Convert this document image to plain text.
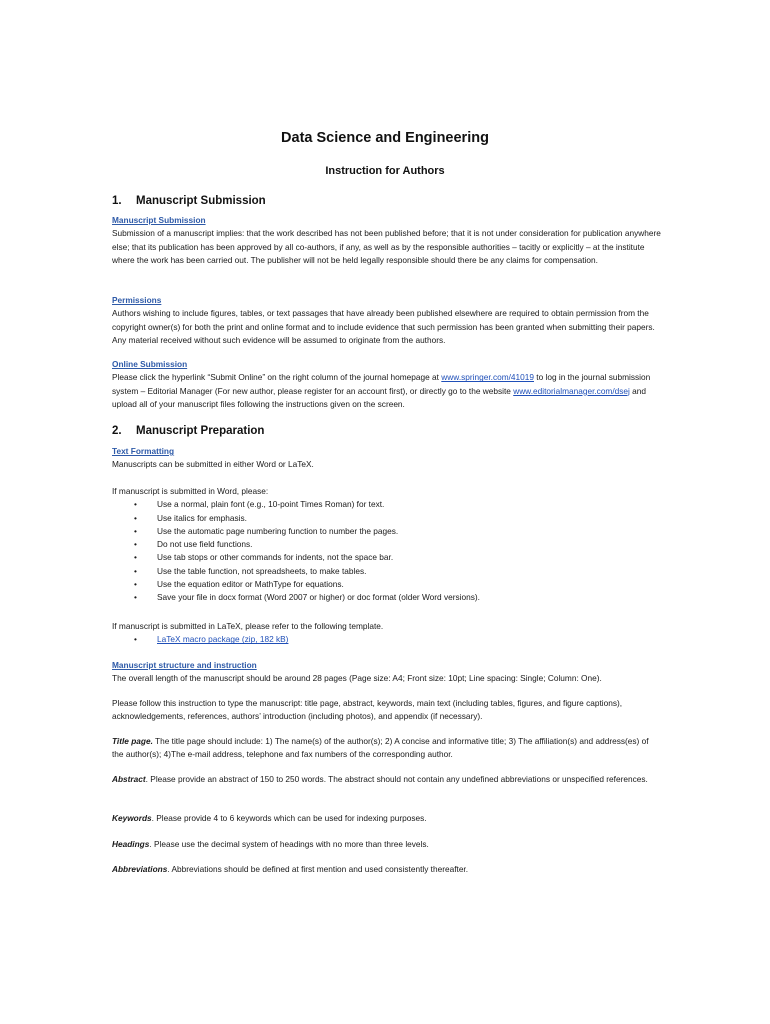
Data Science and Engineering
Instruction for Authors
1. Manuscript Submission
Manuscript Submission
Submission of a manuscript implies: that the work described has not been published before; that it is not under consideration for publication anywhere else; that its publication has been approved by all co-authors, if any, as well as by the responsible authorities – tacitly or explicitly – at the institute where the work has been carried out. The publisher will not be held legally responsible should there be any claims for compensation.
Permissions
Authors wishing to include figures, tables, or text passages that have already been published elsewhere are required to obtain permission from the copyright owner(s) for both the print and online format and to include evidence that such permission has been granted when submitting their papers. Any material received without such evidence will be assumed to originate from the authors.
Online Submission
Please click the hyperlink “Submit Online” on the right column of the journal homepage at www.springer.com/41019 to log in the journal submission system – Editorial Manager (For new author, please register for an account first), or directly go to the website www.editorialmanager.com/dsej and upload all of your manuscript files following the instructions given on the screen.
2. Manuscript Preparation
Text Formatting
Manuscripts can be submitted in either Word or LaTeX.
If manuscript is submitted in Word, please:
• Use a normal, plain font (e.g., 10-point Times Roman) for text.
• Use italics for emphasis.
• Use the automatic page numbering function to number the pages.
• Do not use field functions.
• Use tab stops or other commands for indents, not the space bar.
• Use the table function, not spreadsheets, to make tables.
• Use the equation editor or MathType for equations.
• Save your file in docx format (Word 2007 or higher) or doc format (older Word versions).
If manuscript is submitted in LaTeX, please refer to the following template.
• LaTeX macro package (zip, 182 kB)
Manuscript structure and instruction
The overall length of the manuscript should be around 28 pages (Page size: A4; Front size: 10pt; Line spacing: Single; Column: One).
Please follow this instruction to type the manuscript: title page, abstract, keywords, main text (including tables, figures, and figure captions), acknowledgements, references, authors’ introduction (including photos), and appendix (if necessary).
Title page. The title page should include: 1) The name(s) of the author(s); 2) A concise and informative title; 3) The affiliation(s) and address(es) of the author(s); 4)The e-mail address, telephone and fax numbers of the corresponding author.
Abstract. Please provide an abstract of 150 to 250 words. The abstract should not contain any undefined abbreviations or unspecified references.
Keywords. Please provide 4 to 6 keywords which can be used for indexing purposes.
Headings. Please use the decimal system of headings with no more than three levels.
Abbreviations. Abbreviations should be defined at first mention and used consistently thereafter.
